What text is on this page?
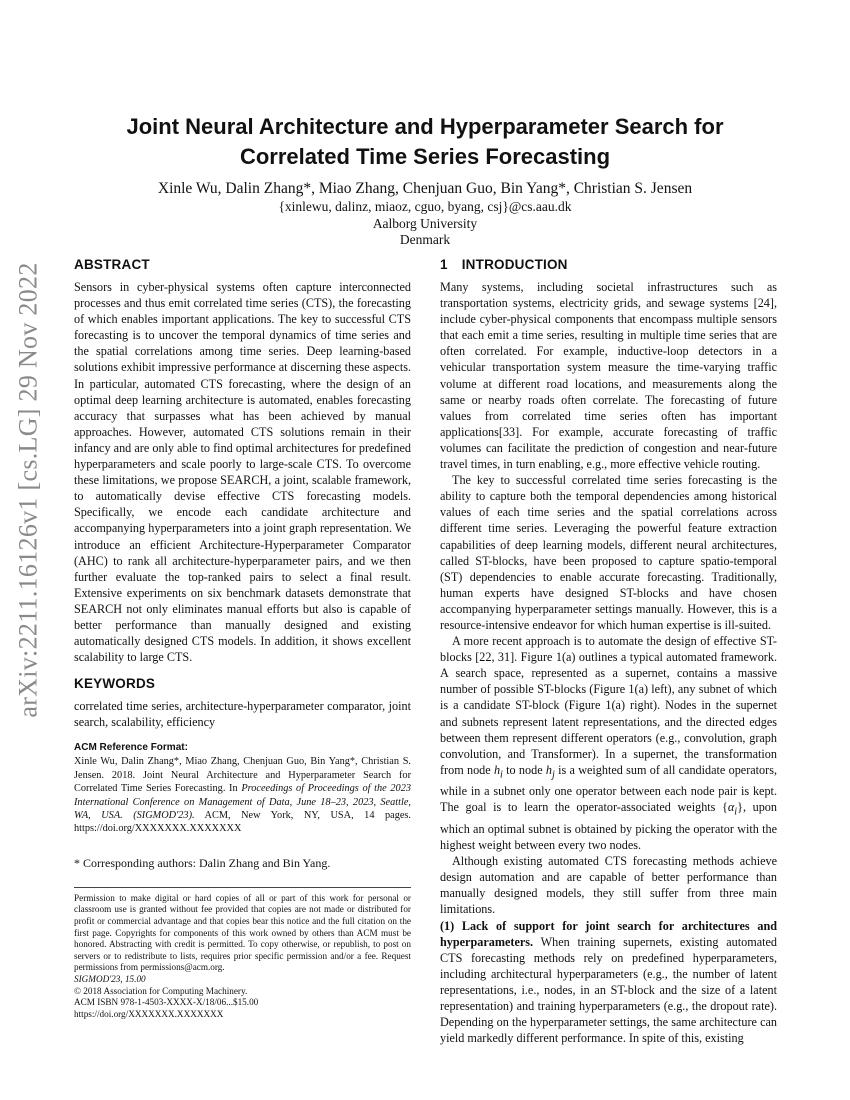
arXiv:2211.16126v1 [cs.LG] 29 Nov 2022
Joint Neural Architecture and Hyperparameter Search for
Correlated Time Series Forecasting
Xinle Wu, Dalin Zhang*, Miao Zhang, Chenjuan Guo, Bin Yang*, Christian S. Jensen
{xinlewu, dalinz, miaoz, cguo, byang, csj}@cs.aau.dk
Aalborg University
Denmark
ABSTRACT

Sensors in cyber-physical systems often capture interconnected processes and thus emit correlated time series (CTS), the forecasting of which enables important applications. The key to successful CTS forecasting is to uncover the temporal dynamics of time series and the spatial correlations among time series. Deep learning-based solutions exhibit impressive performance at discerning these aspects. In particular, automated CTS forecasting, where the design of an optimal deep learning architecture is automated, enables forecasting accuracy that surpasses what has been achieved by manual approaches. However, automated CTS solutions remain in their infancy and are only able to find optimal architectures for predefined hyperparameters and scale poorly to large-scale CTS. To overcome these limitations, we propose SEARCH, a joint, scalable framework, to automatically devise effective CTS forecasting models. Specifically, we encode each candidate architecture and accompanying hyperparameters into a joint graph representation. We introduce an efficient Architecture-Hyperparameter Comparator (AHC) to rank all architecture-hyperparameter pairs, and we then further evaluate the top-ranked pairs to select a final result. Extensive experiments on six benchmark datasets demonstrate that SEARCH not only eliminates manual efforts but also is capable of better performance than manually designed and existing automatically designed CTS models. In addition, it shows excellent scalability to large CTS.

KEYWORDS

correlated time series, architecture-hyperparameter comparator, joint search, scalability, efficiency

ACM Reference Format:

Xinle Wu, Dalin Zhang*, Miao Zhang, Chenjuan Guo, Bin Yang*, Christian S. Jensen. 2018. Joint Neural Architecture and Hyperparameter Search for Correlated Time Series Forecasting. In Proceedings of Proceedings of the 2023 International Conference on Management of Data, June 18–23, 2023, Seattle, WA, USA. (SIGMOD'23). ACM, New York, NY, USA, 14 pages. https://doi.org/XXXXXXX.XXXXXXX

* Corresponding authors: Dalin Zhang and Bin Yang.

Permission to make digital or hard copies of all or part of this work for personal or classroom use is granted without fee provided that copies are not made or distributed for profit or commercial advantage and that copies bear this notice and the full citation on the first page. Copyrights for components of this work owned by others than ACM must be honored. Abstracting with credit is permitted. To copy otherwise, or republish, to post on servers or to redistribute to lists, requires prior specific permission and/or a fee. Request permissions from permissions@acm.org.

SIGMOD'23, 15.00
© 2018 Association for Computing Machinery.
ACM ISBN 978-1-4503-XXXX-X/18/06...$15.00
https://doi.org/XXXXXXX.XXXXXXX
1 INTRODUCTION

Many systems, including societal infrastructures such as transportation systems, electricity grids, and sewage systems [24], include cyber-physical components that encompass multiple sensors that each emit a time series, resulting in multiple time series that are often correlated. For example, inductive-loop detectors in a vehicular transportation system measure the time-varying traffic volume at different road locations, and measurements along the same or nearby roads often correlate. The forecasting of future values from correlated time series often has important applications[33]. For example, accurate forecasting of traffic volumes can facilitate the prediction of congestion and near-future travel times, in turn enabling, e.g., more effective vehicle routing.

The key to successful correlated time series forecasting is the ability to capture both the temporal dependencies among historical values of each time series and the spatial correlations across different time series. Leveraging the powerful feature extraction capabilities of deep learning models, different neural architectures, called ST-blocks, have been proposed to capture spatio-temporal (ST) dependencies to enable accurate forecasting. Traditionally, human experts have designed ST-blocks and have chosen accompanying hyperparameter settings manually. However, this is a resource-intensive endeavor for which human expertise is ill-suited.

A more recent approach is to automate the design of effective ST-blocks [22, 31]. Figure 1(a) outlines a typical automated framework. A search space, represented as a supernet, contains a massive number of possible ST-blocks (Figure 1(a) left), any subnet of which is a candidate ST-block (Figure 1(a) right). Nodes in the supernet and subnets represent latent representations, and the directed edges between them represent different operators (e.g., convolution, graph convolution, and Transformer). In a supernet, the transformation from node $h_i$ to node $h_j$ is a weighted sum of all candidate operators, while in a subnet only one operator between each node pair is kept. The goal is to learn the operator-associated weights $\{\alpha_i\}$, upon which an optimal subnet is obtained by picking the operator with the highest weight between every two nodes.

Although existing automated CTS forecasting methods achieve design automation and are capable of better performance than manually designed models, they still suffer from three main limitations.

(1) Lack of support for joint search for architectures and hyperparameters. When training supernets, existing automated CTS forecasting methods rely on predefined hyperparameters, including architectural hyperparameters (e.g., the number of latent representations, i.e., nodes, in an ST-block and the size of a latent representation) and training hyperparameters (e.g., the dropout rate). Depending on the hyperparameter settings, the same architecture can yield markedly different performance. In spite of this, existing
